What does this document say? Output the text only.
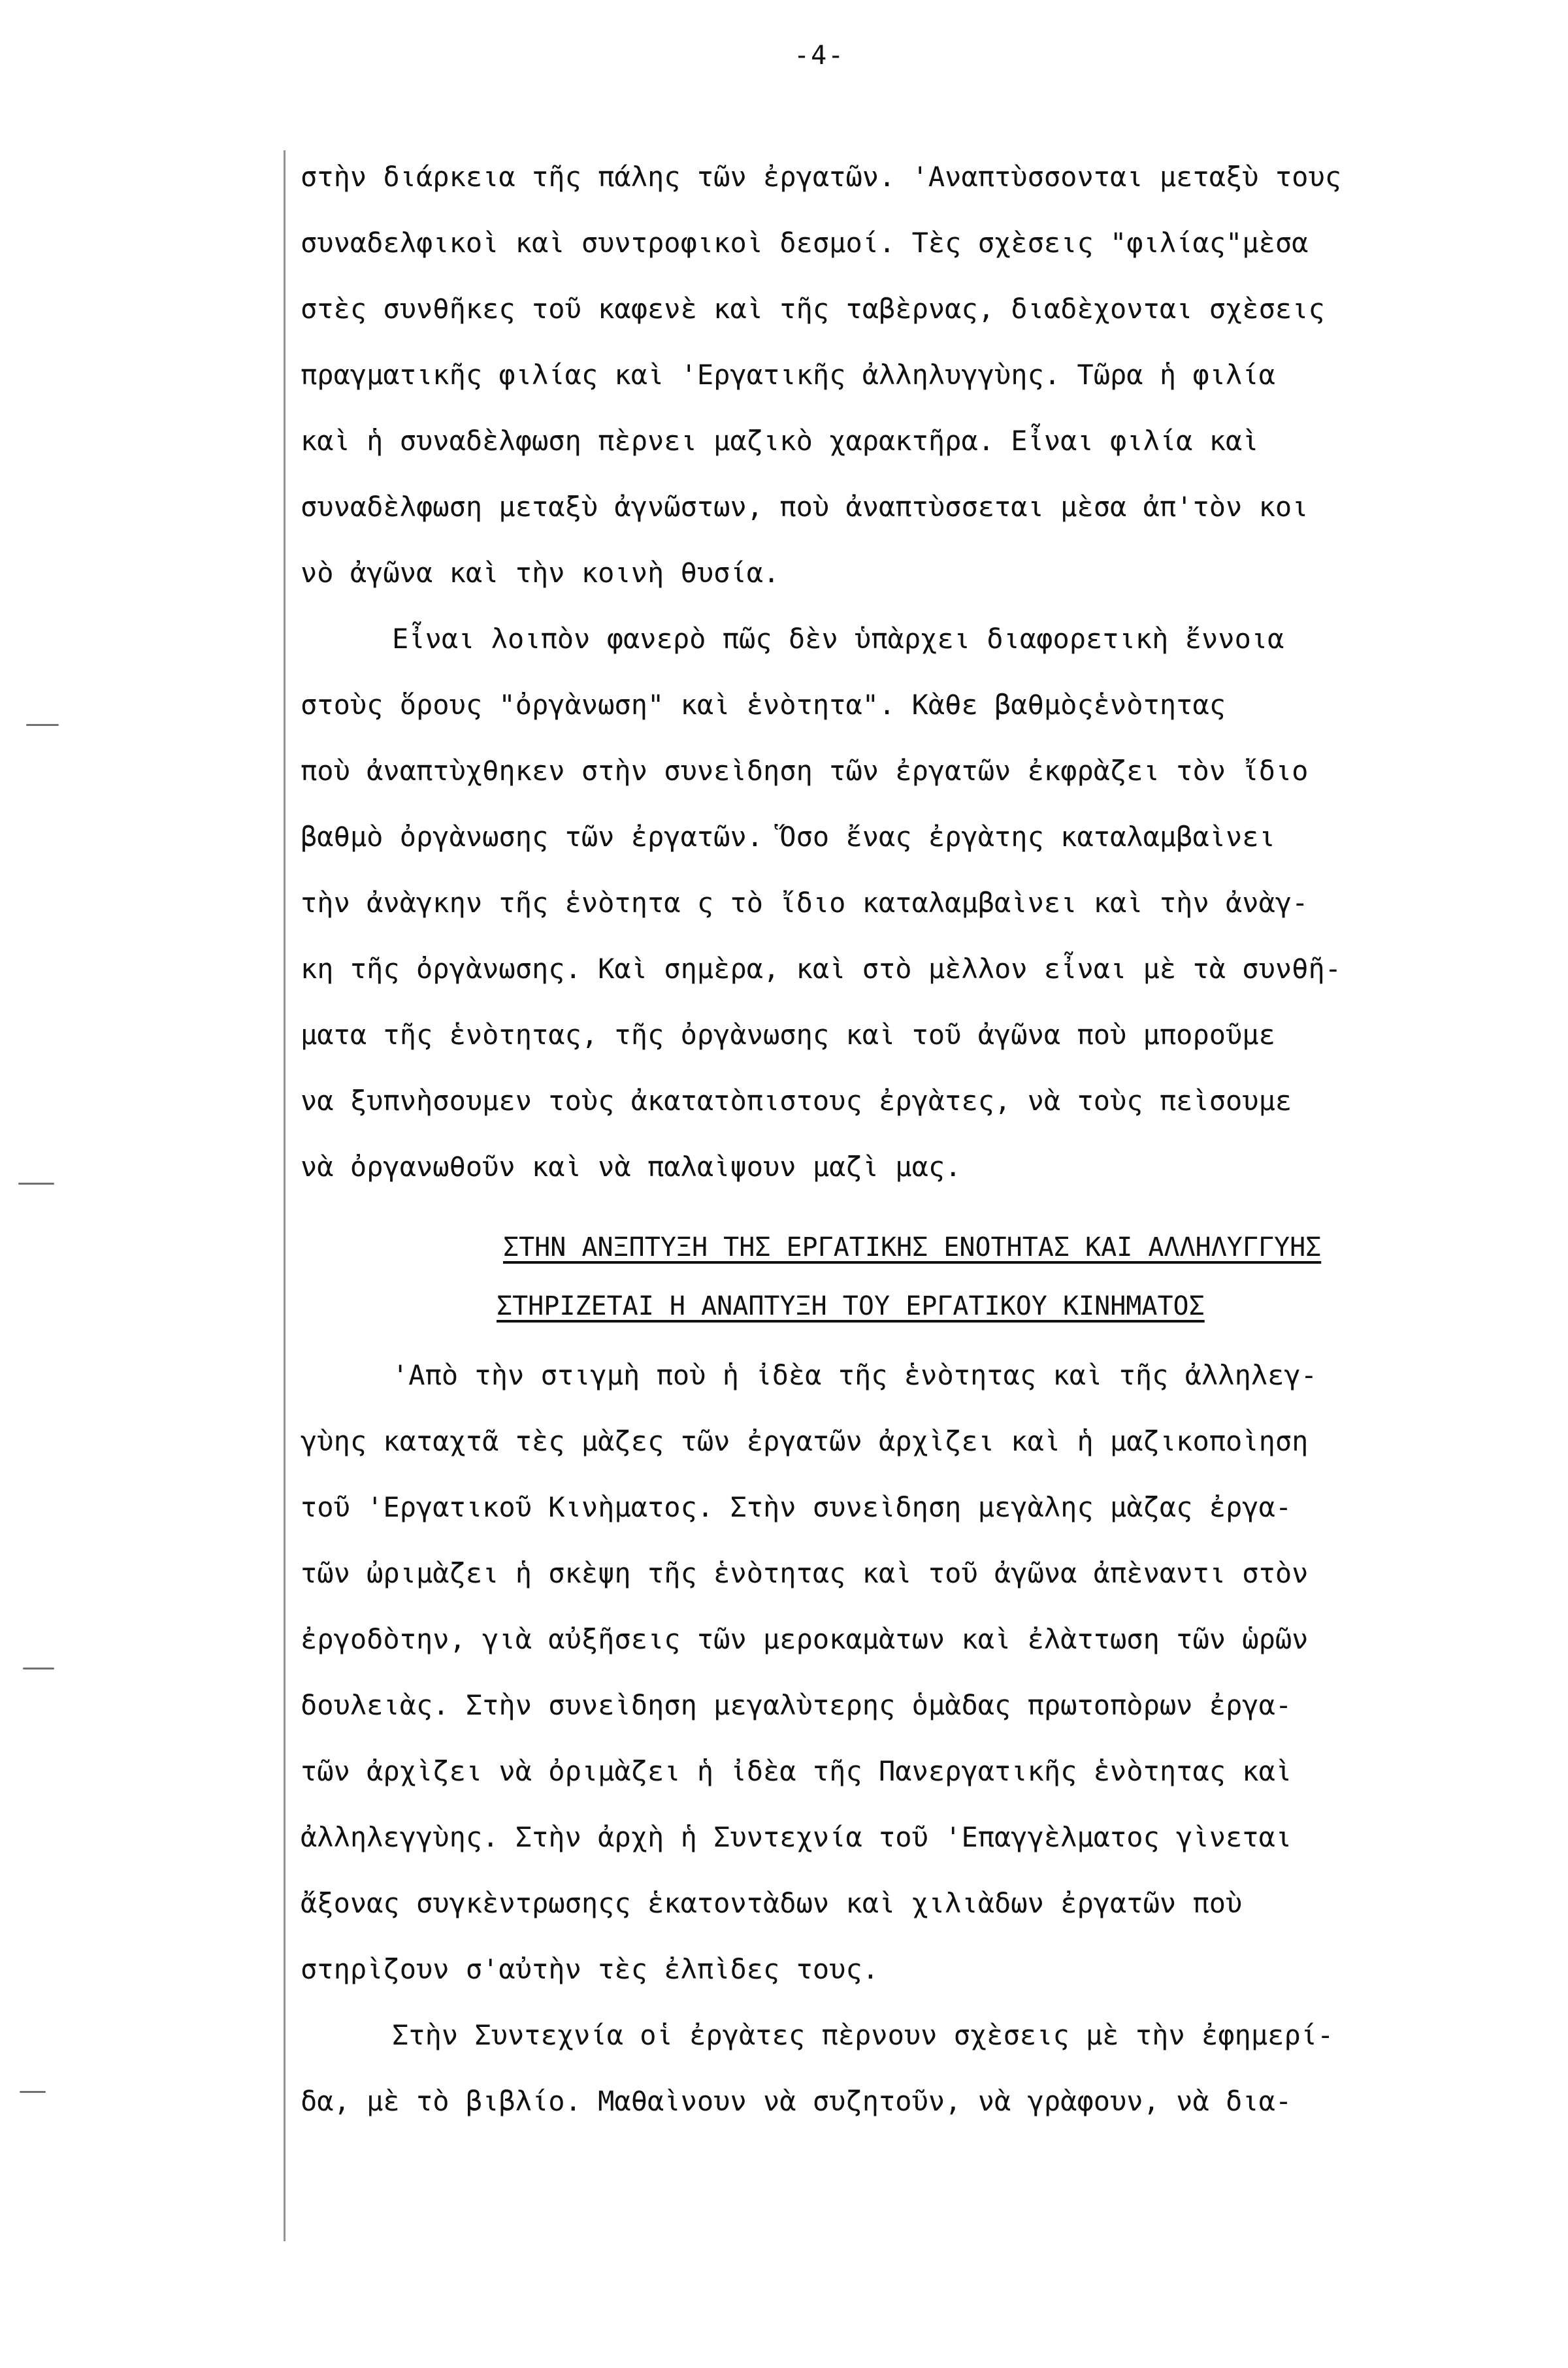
-4-
στὴν διάρκεια τῆς πάλης τῶν ἐργατῶν. 'Αναπτὺσσονται μεταξὺ τους
συναδελφικοὶ καὶ συντροφικοὶ δεσμοί. Τὲς σχὲσεις "φιλίας"μὲσα
στὲς συνθῆκες τοῦ καφενὲ καὶ τῆς ταβὲρνας, διαδὲχονται σχὲσεις
πραγματικῆς φιλίας καὶ 'Εργατικῆς ἀλληλυγγὺης. Τῶρα ἡ φιλία
καὶ ἡ συναδὲλφωση πὲρνει μαζικὸ χαρακτῆρα. Εἶναι φιλία καὶ
συναδὲλφωση μεταξὺ ἀγνῶστων, ποὺ ἀναπτὺσσεται μὲσα ἀπ'τὸν κοι
νὸ ἀγῶνα καὶ τὴν κοινὴ θυσία.
Εἶναι λοιπὸν φανερὸ πῶς δὲν ὑπὰρχει διαφορετικὴ ἔννοια
στοὺς ὅρους "ὀργὰνωση" καὶ ἑνὸτητα". Κὰθε βαθμὸςἑνὸτητας
ποὺ ἀναπτὺχθηκεν στὴν συνεὶδηση τῶν ἐργατῶν ἐκφρὰζει τὸν ἴδιο
βαθμὸ ὀργὰνωσης τῶν ἐργατῶν. Ὅσο ἔνας ἐργὰτης καταλαμβαὶνει
τὴν ἀνὰγκην τῆς ἑνὸτητα ς τὸ ἴδιο καταλαμβαὶνει καὶ τὴν ἀνὰγ-
κη τῆς ὀργὰνωσης. Καὶ σημὲρα, καὶ στὸ μὲλλον εἶναι μὲ τὰ συνθῆ-
ματα τῆς ἑνὸτητας, τῆς ὀργὰνωσης καὶ τοῦ ἀγῶνα ποὺ μποροῦμε
να ξυπνὴσουμεν τοὺς ἀκατατὸπιστους ἐργὰτες, νὰ τοὺς πεὶσουμε
νὰ ὀργανωθοῦν καὶ νὰ παλαὶψουν μαζὶ μας.
ΣΤΗΝ ΑΝΞΠΤΥΞΗ ΤΗΣ ΕΡΓΑΤΙΚΗΣ ΕΝΟΤΗΤΑΣ ΚΑΙ ΑΛΛΗΛΥΓΓΥΗΣ
ΣΤΗΡΙΖΕΤΑΙ Η ΑΝΑΠΤΥΞΗ ΤΟΥ ΕΡΓΑΤΙΚΟΥ ΚΙΝΗΜΑΤΟΣ
'Απὸ τὴν στιγμὴ ποὺ ἡ ἰδὲα τῆς ἑνὸτητας καὶ τῆς ἀλληλεγ-
γὺης καταχτᾶ τὲς μὰζες τῶν ἐργατῶν ἀρχὶζει καὶ ἡ μαζικοποὶηση
τοῦ 'Εργατικοῦ Κινὴματος. Στὴν συνεὶδηση μεγὰλης μὰζας ἐργα-
τῶν ὠριμὰζει ἡ σκὲψη τῆς ἑνὸτητας καὶ τοῦ ἀγῶνα ἀπὲναντι στὸν
ἐργοδὸτην, γιὰ αὐξῆσεις τῶν μεροκαμὰτων καὶ ἐλὰττωση τῶν ὡρῶν
δουλειὰς. Στὴν συνεὶδηση μεγαλὺτερης ὁμὰδας πρωτοπὸρων ἐργα-
τῶν ἀρχὶζει νὰ ὀριμὰζει ἡ ἰδὲα τῆς Πανεργατικῆς ἑνὸτητας καὶ
ἀλληλεγγὺης. Στὴν ἀρχὴ ἡ Συντεχνία τοῦ 'Επαγγὲλματος γὶνεται
ἄξονας συγκὲντρωσηςς ἑκατοντὰδων καὶ χιλιὰδων ἐργατῶν ποὺ
στηρὶζουν σ'αὐτὴν τὲς ἐλπὶδες τους.
Στὴν Συντεχνία οἱ ἐργὰτες πὲρνουν σχὲσεις μὲ τὴν ἐφημερί-
δα, μὲ τὸ βιβλίο. Μαθαὶνουν νὰ συζητοῦν, νὰ γρὰφουν, νὰ δια-
